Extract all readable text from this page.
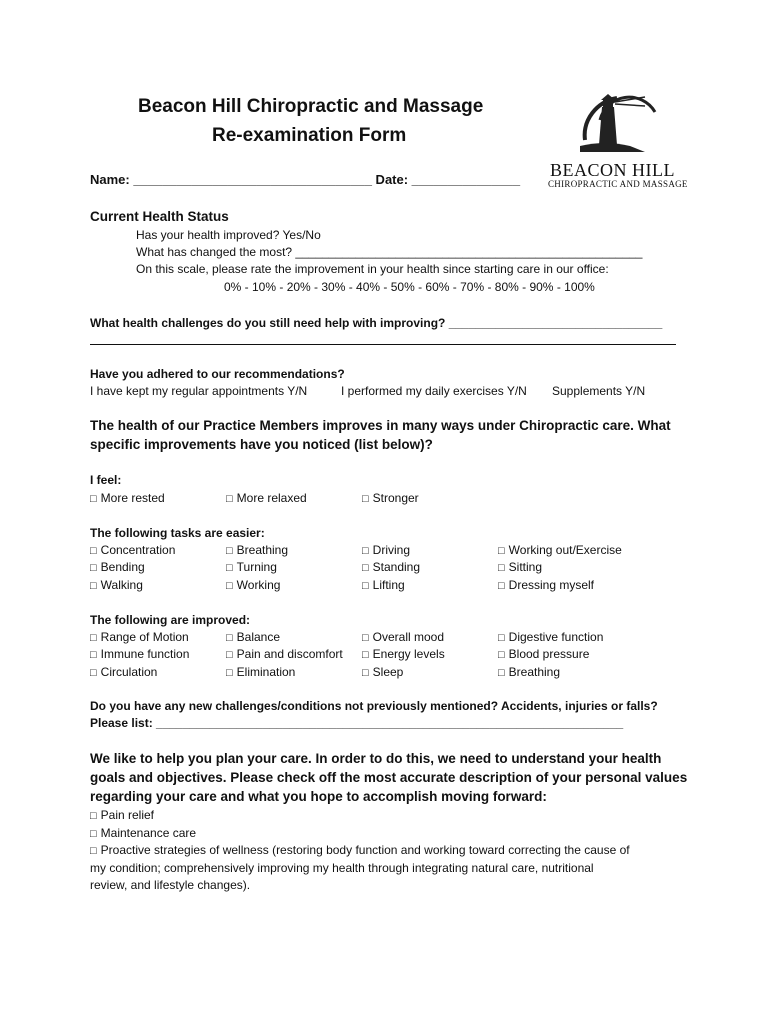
Beacon Hill Chiropractic and Massage
Re-examination Form
BEACON HILL
CHIROPRACTIC AND MASSAGE
Name: _________________________________ Date: _______________
Current Health Status
Has your health improved? Yes/No
What has changed the most? ____________________________________________________
On this scale, please rate the improvement in your health since starting care in our office:
0% - 10% - 20% - 30% - 40% - 50% - 60% - 70% - 80% - 90% - 100%
What health challenges do you still need help with improving? ________________________________
Have you adhered to our recommendations?
I have kept my regular appointments Y/N	I performed my daily exercises Y/N Supplements Y/N
The health of our Practice Members improves in many ways under Chiropractic care. What
specific improvements have you noticed (list below)?
I feel:
□ More rested	□ More relaxed	□ Stronger
The following tasks are easier:
□ Concentration	□ Breathing	□ Driving	□ Working out/Exercise
□ Bending	□ Turning	□ Standing	□ Sitting
□ Walking	□ Working	□ Lifting	□ Dressing myself
The following are improved:
□ Range of Motion	□ Balance	□ Overall mood	□ Digestive function
□ Immune function	□ Pain and discomfort	□ Energy levels	□ Blood pressure
□ Circulation	□ Elimination	□ Sleep	□ Breathing
Do you have any new challenges/conditions not previously mentioned? Accidents, injuries or falls?
Please list: ______________________________________________________________________
We like to help you plan your care. In order to do this, we need to understand your health
goals and objectives. Please check off the most accurate description of your personal values
regarding your care and what you hope to accomplish moving forward:
□ Pain relief
□ Maintenance care
□ Proactive strategies of wellness (restoring body function and working toward correcting the cause of
my condition; comprehensively improving my health through integrating natural care, nutritional
review, and lifestyle changes).
